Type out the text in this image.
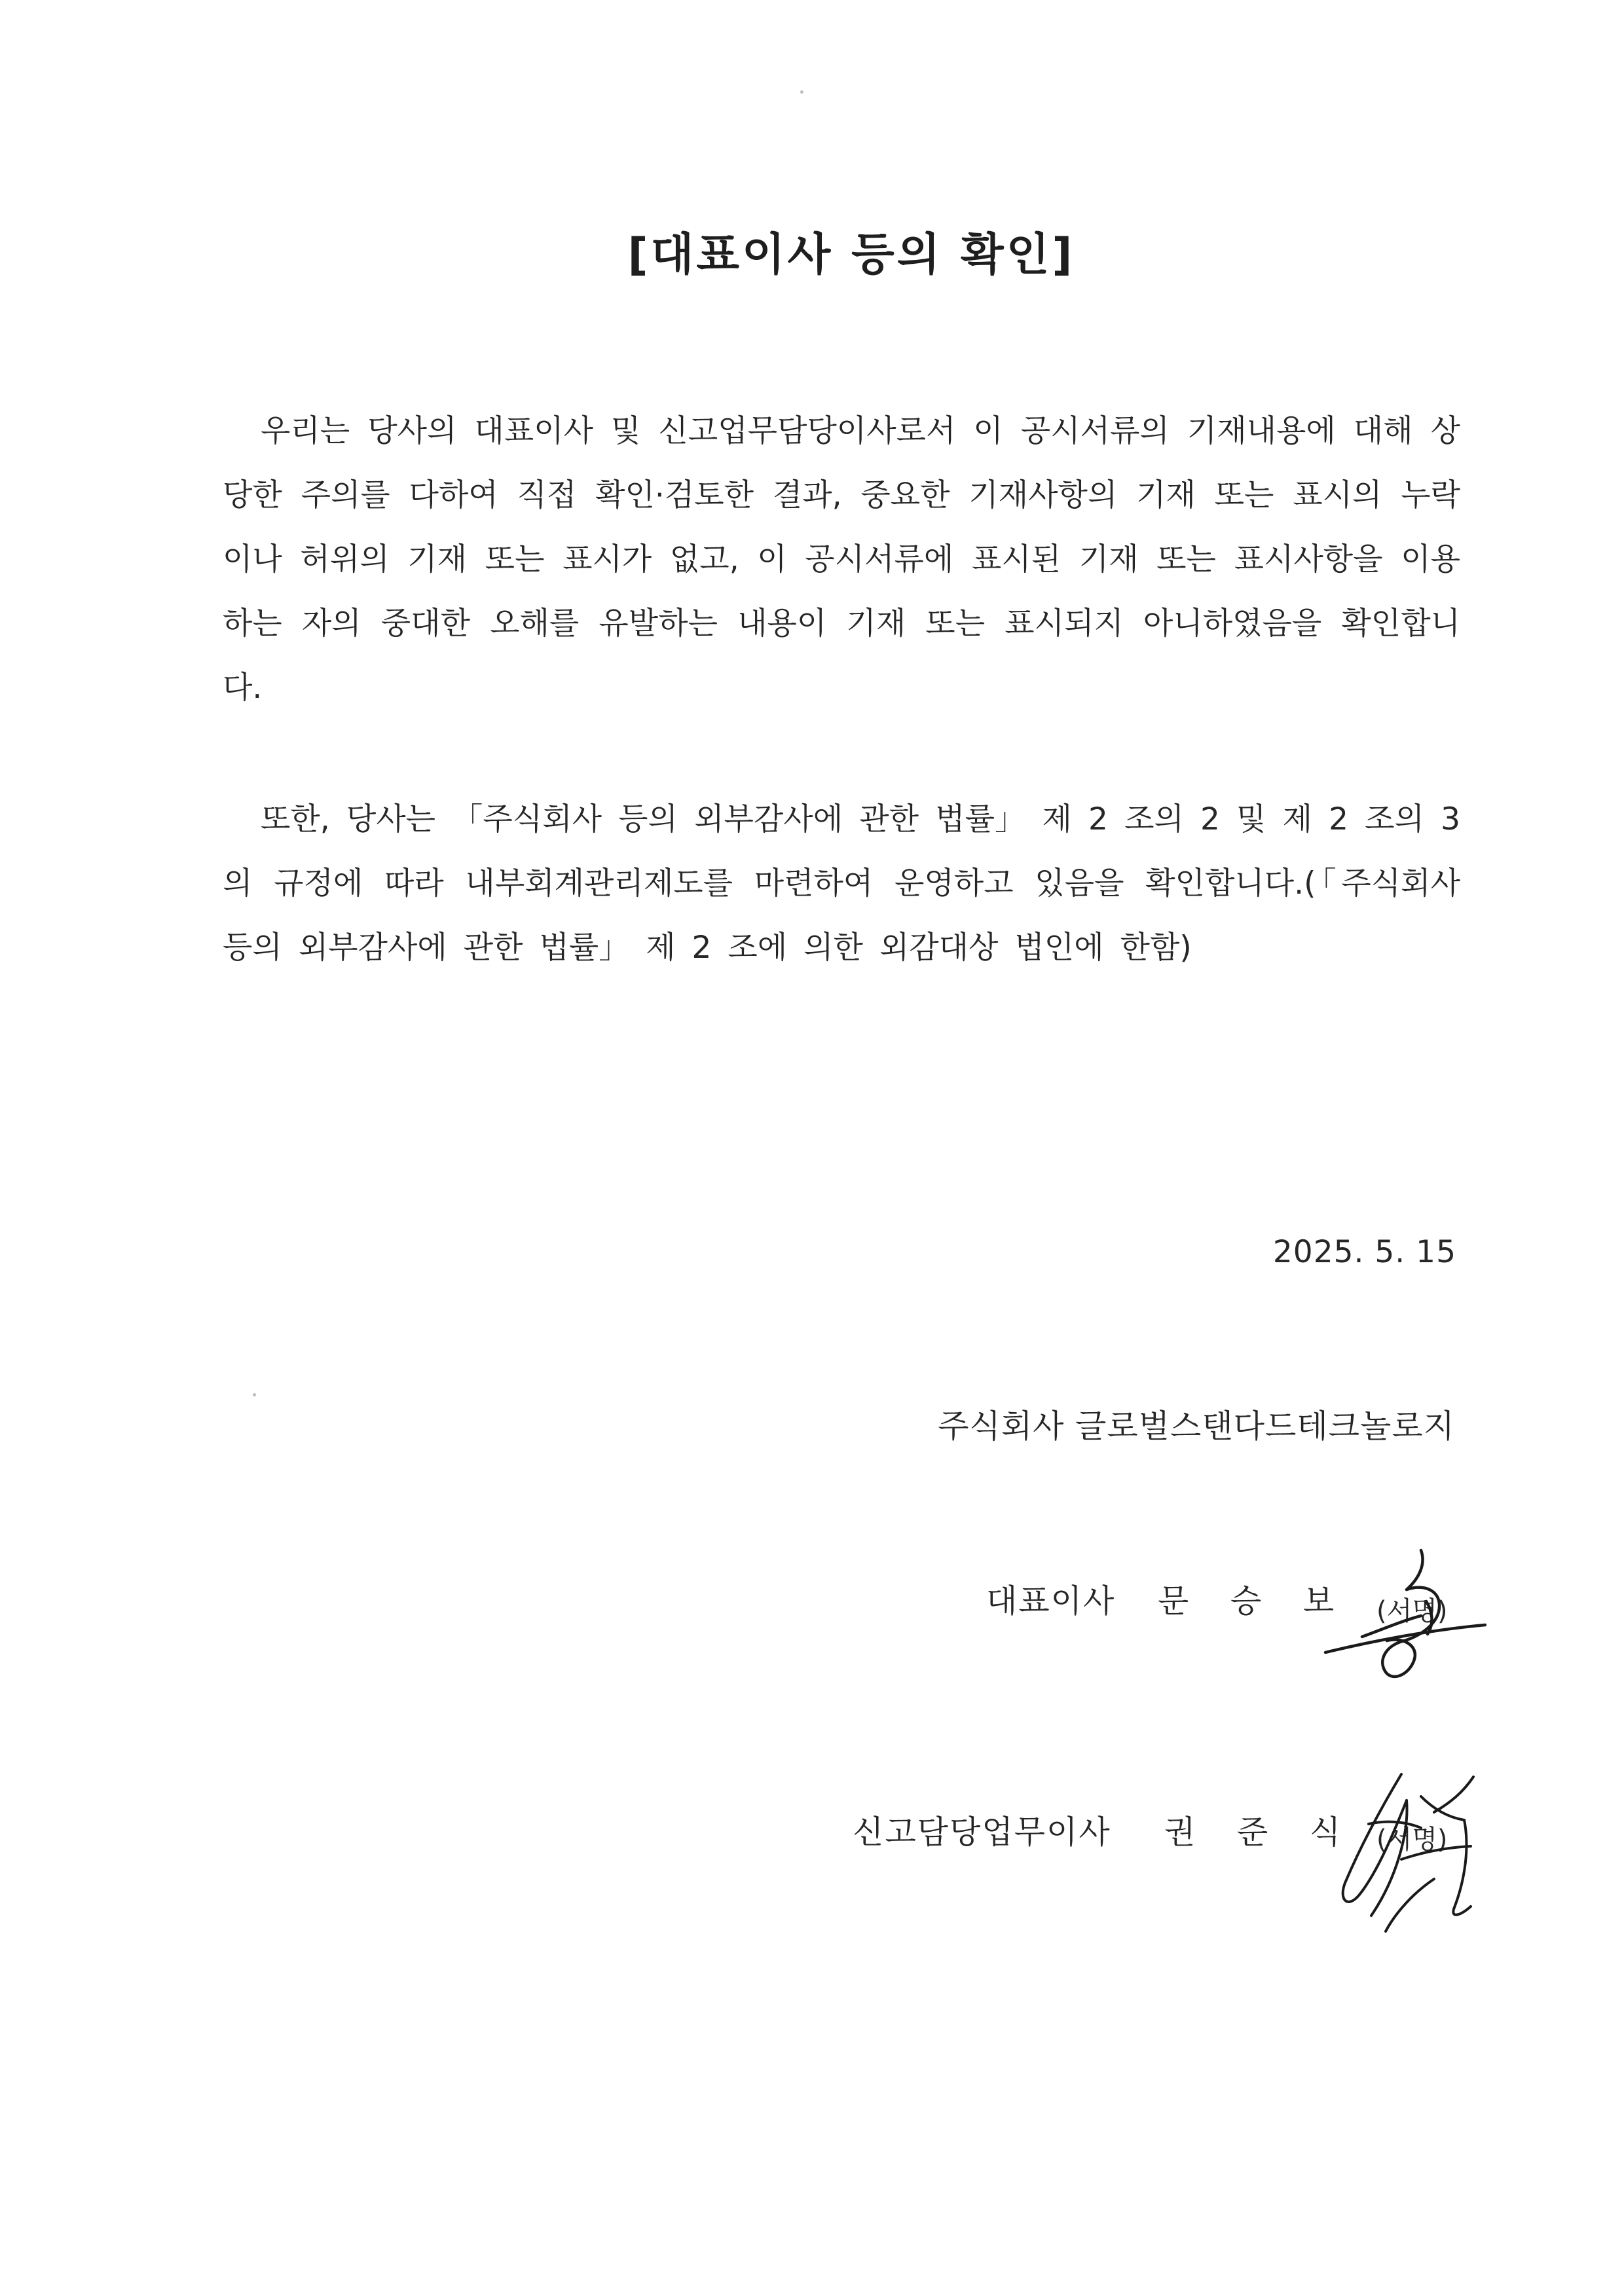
[대표이사 등의 확인]

우리는 당사의 대표이사 및 신고업무담당이사로서 이 공시서류의 기재내용에 대해 상당한 주의를 다하여 직접 확인·검토한 결과, 중요한 기재사항의 기재 또는 표시의 누락이나 허위의 기재 또는 표시가 없고, 이 공시서류에 표시된 기재 또는 표시사항을 이용하는 자의 중대한 오해를 유발하는 내용이 기재 또는 표시되지 아니하였음을 확인합니다.

또한, 당사는 「주식회사 등의 외부감사에 관한 법률」 제 2 조의 2 및 제 2 조의 3 의 규정에 따라 내부회계관리제도를 마련하여 운영하고 있음을 확인합니다.(「주식회사 등의 외부감사에 관한 법률」 제 2 조에 의한 외감대상 법인에 한함)

2025. 5. 15
주식회사 글로벌스탠다드테크놀로지
대표이사 문 승 보 (서명)
신고담당업무이사 권 준 식 (서명)
